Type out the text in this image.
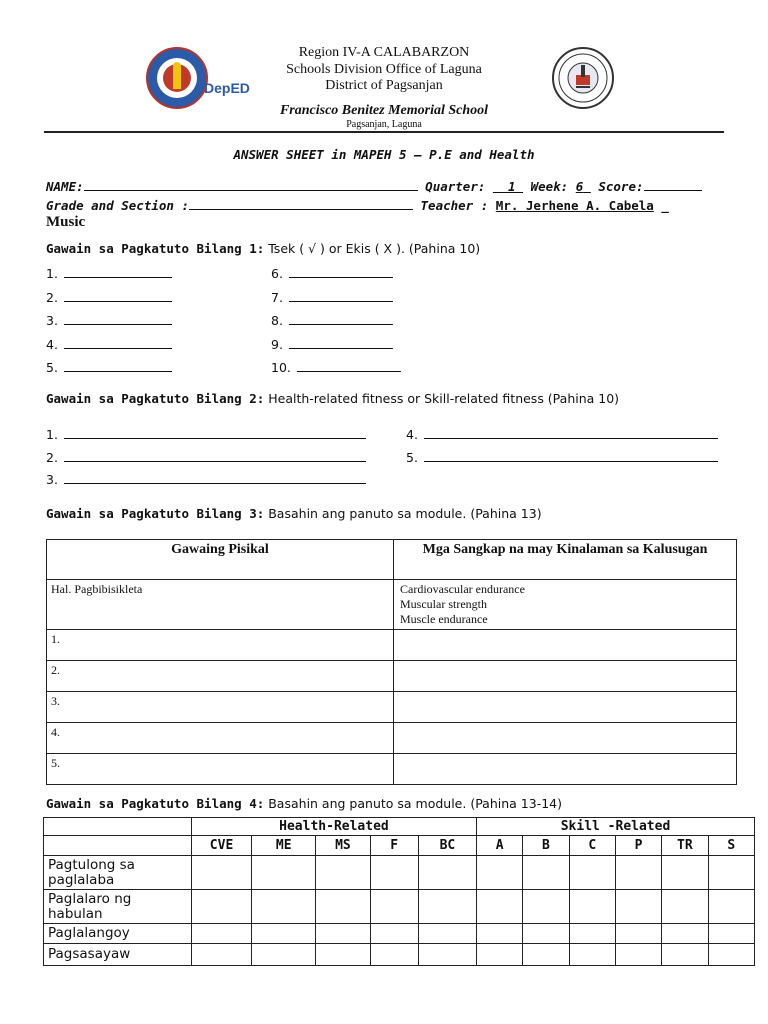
DepED
Region IV-A CALABARZON
Schools Division Office of Laguna
District of Pagsanjan
Francisco Benitez Memorial School
Pagsanjan, Laguna
ANSWER SHEET in MAPEH 5 – P.E and Health
NAME:	Quarter: 1 Week: 6 Score:
Grade and Section :	Teacher : Mr. Jerhene A. Cabela _
Music
Gawain sa Pagkatuto Bilang 1: Tsek ( √ ) or Ekis ( X ). (Pahina 10)
1.
2.
3.
4.
5.
6.
7.
8.
9.
10.
Gawain sa Pagkatuto Bilang 2: Health-related fitness or Skill-related fitness (Pahina 10)
1.
2.
3.
4.
5.
Gawain sa Pagkatuto Bilang 3: Basahin ang panuto sa module. (Pahina 13)
Gawaing Pisikal	Mga Sangkap na may Kinalaman sa Kalusugan
Hal. Pagbibisikleta	Cardiovascular endurance
Muscular strength
Muscle endurance

1.	
2.	
3.	
4.	
5.	
Gawain sa Pagkatuto Bilang 4: Basahin ang panuto sa module. (Pahina 13-14)
	Health-Related					Skill -Related					
	CVE	ME	MS	F	BC	A	B	C	P	TR	S
Pagtulong sa paglalaba											
Paglalaro ng habulan											
Paglalangoy											
Pagsasayaw											
